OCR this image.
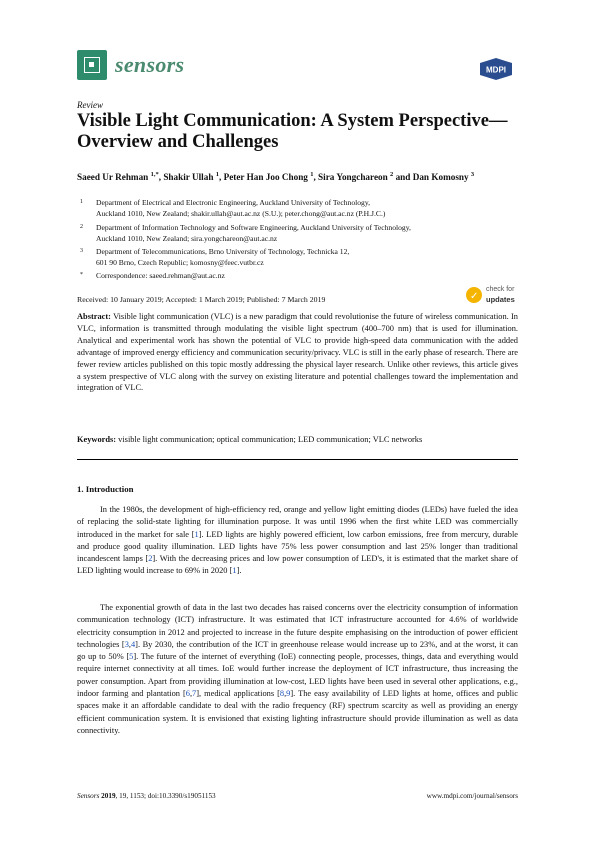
sensors	MDPI
Review
Visible Light Communication: A System Perspective—Overview and Challenges
Saeed Ur Rehman $^{1,*}$, Shakir Ullah $^1$, Peter Han Joo Chong $^1$, Sira Yongchareon $^2$ and Dan Komosny $^3$
1 Department of Electrical and Electronic Engineering, Auckland University of Technology,
Auckland 1010, New Zealand; shakir.ullah@aut.ac.nz (S.U.); peter.chong@aut.ac.nz (P.H.J.C.)
2 Department of Information Technology and Software Engineering, Auckland University of Technology,
Auckland 1010, New Zealand; sira.yongchareon@aut.ac.nz
3 Department of Telecommunications, Brno University of Technology, Technicka 12,
601 90 Brno, Czech Republic; komosny@feec.vutbr.cz
* Correspondence: saeed.rehman@aut.ac.nz
Received: 10 January 2019; Accepted: 1 March 2019; Published: 7 March 2019	✓
check for
updates
Abstract: Visible light communication (VLC) is a new paradigm that could revolutionise the future of wireless communication. In VLC, information is transmitted through modulating the visible light spectrum (400–700 nm) that is used for illumination. Analytical and experimental work has shown the potential of VLC to provide high-speed data communication with the added advantage of improved energy efficiency and communication security/privacy. VLC is still in the early phase of research. There are fewer review articles published on this topic mostly addressing the physical layer research. Unlike other reviews, this article gives a system prespective of VLC along with the survey on existing literature and potential challenges toward the implementation and integration of VLC.
Keywords: visible light communication; optical communication; LED communication; VLC networks
1. Introduction
In the 1980s, the development of high-efficiency red, orange and yellow light emitting diodes (LEDs) have fueled the idea of replacing the solid-state lighting for illumination purpose. It was until 1996 when the first white LED was commercially introduced in the market for sale [1]. LED lights are highly powered efficient, low carbon emissions, free from mercury, durable and produce good quality illumination. LED lights have 75% less power consumption and last 25% longer than traditional incandescent lamps [2]. With the decreasing prices and low power consumption of LED's, it is estimated that the market share of LED lighting would increase to 69% in 2020 [1].
The exponential growth of data in the last two decades has raised concerns over the electricity consumption of information communication technology (ICT) infrastructure. It was estimated that ICT infrastructure accounted for 4.6% of worldwide electricity consumption in 2012 and projected to increase in the future despite emphasising on the introduction of power efficient technologies [3,4]. By 2030, the contribution of the ICT in greenhouse release would increase up to 23%, and at the worst, it can go up to 50% [5]. The future of the internet of everything (IoE) connecting people, processes, things, data and everything would require internet connectivity at all times. IoE would further increase the deployment of ICT infrastructure, thus increasing the power consumption. Apart from providing illumination at low-cost, LED lights have been used in several other applications, e.g., indoor farming and plantation [6,7], medical applications [8,9]. The easy availability of LED lights at home, offices and public spaces make it an affordable candidate to deal with the radio frequency (RF) spectrum scarcity as well as providing an energy efficient communication system. It is envisioned that existing lighting infrastructure should provide illumination as well as data connectivity.
Sensors 2019, 19, 1153; doi:10.3390/s19051153	www.mdpi.com/journal/sensors
